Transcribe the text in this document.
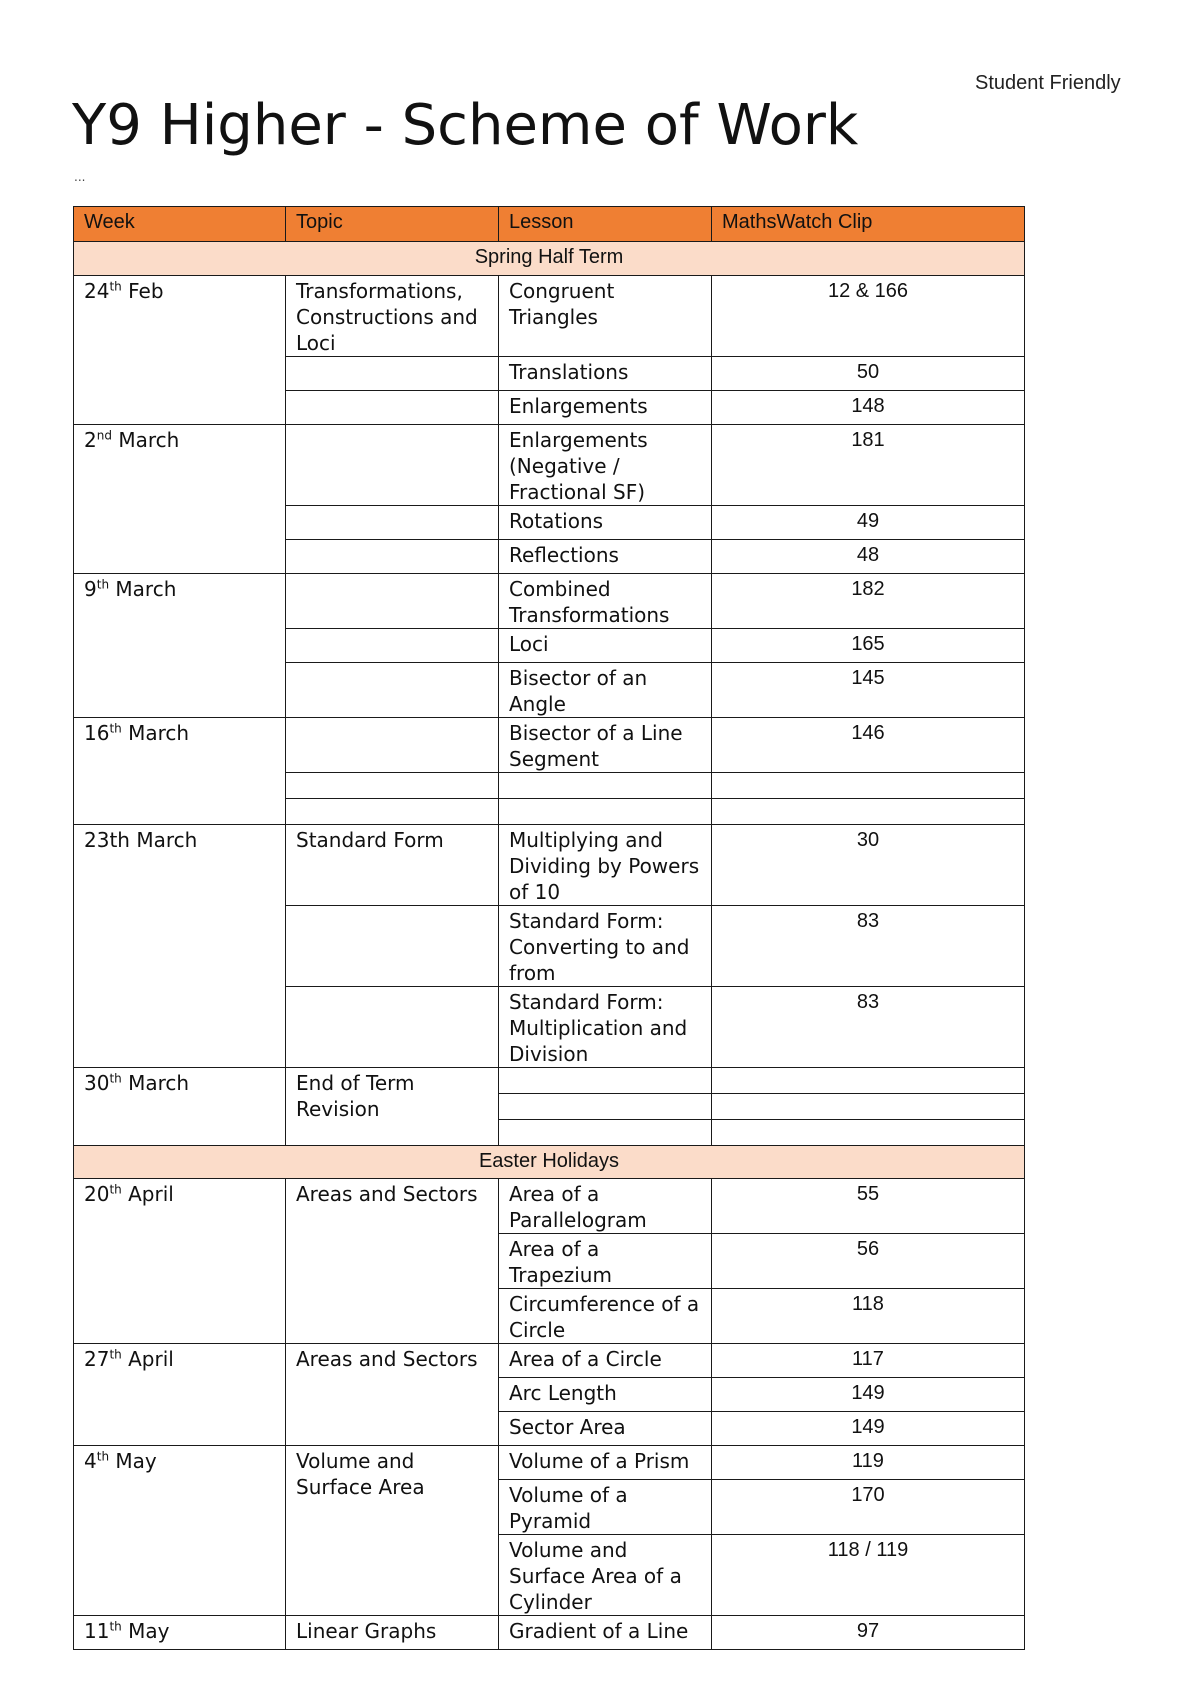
Student Friendly
Y9 Higher - Scheme of Work
...
Week	Topic	Lesson	MathsWatch Clip
Spring Half Term			
24th Feb	Transformations, Constructions and Loci	Congruent Triangles	12 & 166
		Translations	50
		Enlargements	148
2nd March		Enlargements (Negative / Fractional SF)	181
		Rotations	49
		Reflections	48
9th March		Combined Transformations	182
		Loci	165
		Bisector of an Angle	145
16th March		Bisector of a Line Segment	146

23th March	Standard Form	Multiplying and Dividing by Powers of 10	30
		Standard Form: Converting to and from	83
		Standard Form: Multiplication and Division	83
30th March	End of Term Revision		

Easter Holidays			
20th April	Areas and Sectors	Area of a Parallelogram	55
		Area of a Trapezium	56
		Circumference of a Circle	118
27th April	Areas and Sectors	Area of a Circle	117
		Arc Length	149
		Sector Area	149
4th May	Volume and Surface Area	Volume of a Prism	119
		Volume of a Pyramid	170
		Volume and Surface Area of a Cylinder	118 / 119
11th May	Linear Graphs	Gradient of a Line	97
